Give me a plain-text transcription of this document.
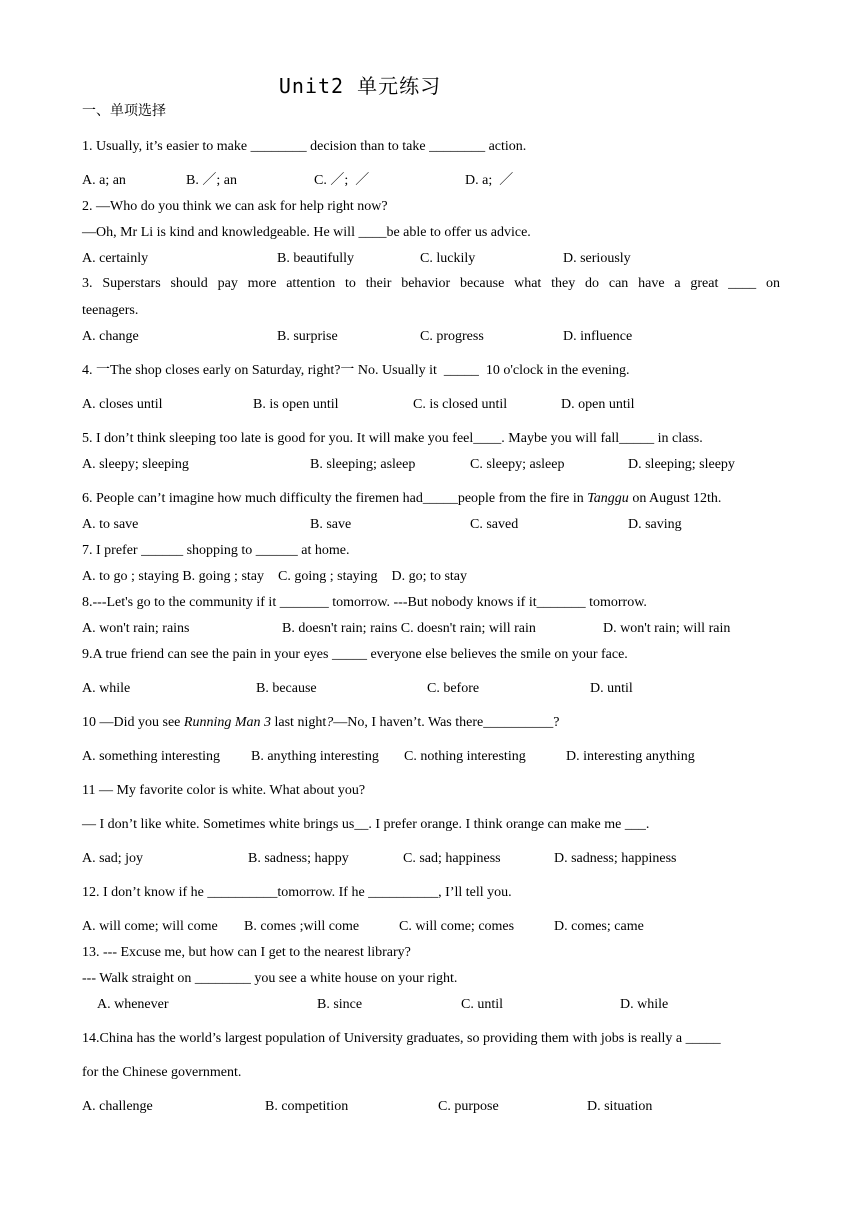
Unit2 单元练习
一、单项选择
1. Usually, it’s easier to make ________ decision than to take ________ action.
A. a; an	B. ／; an	C. ／;  ／	D. a;  ／
2. —Who do you think we can ask for help right now?
—Oh, Mr Li is kind and knowledgeable. He will ____be able to offer us advice.
A. certainly	B. beautifully	C. luckily	D. seriously
3. Superstars should pay more attention to their behavior because what they do can have a great ____ on
teenagers.
A. change	B. surprise	C. progress	D. influence
4. 一The shop closes early on Saturday, right?一 No. Usually it  _____  10 o'clock in the evening.
A. closes until	B. is open until	C. is closed until	D. open until
5. I don’t think sleeping too late is good for you. It will make you feel____. Maybe you will fall_____ in class.
A. sleepy; sleeping	B. sleeping; asleep	C. sleepy; asleep	D. sleeping; sleepy
6. People can’t imagine how much difficulty the firemen had_____people from the fire in Tanggu on August 12th.
A. to save	B. save	C. saved	D. saving
7. I prefer ______ shopping to ______ at home.
A. to go ; staying B. going ; stay    C. going ; staying    D. go; to stay
8.---Let's go to the community if it _______ tomorrow. ---But nobody knows if it_______ tomorrow.
A. won't rain; rains	B. doesn't rain; rains C. doesn't rain; will rain	D. won't rain; will rain
9.A true friend can see the pain in your eyes _____ everyone else believes the smile on your face.
A. while	B. because	C. before	D. until
10 —Did you see Running Man 3 last night?—No, I haven’t. Was there__________?
A. something interesting B. anything interesting C. nothing interesting	D. interesting anything
11 — My favorite color is white. What about you?
— I don’t like white. Sometimes white brings us__. I prefer orange. I think orange can make me ___.
A. sad; joy	B. sadness; happy	C. sad; happiness	D. sadness; happiness
12. I don’t know if he __________tomorrow. If he __________, I’ll tell you.
A. will come; will come B. comes ;will come	C. will come; comes	D. comes; came
13. --- Excuse me, but how can I get to the nearest library?
--- Walk straight on ________ you see a white house on your right.
A. whenever	B. since	C. until	D. while
14.China has the world’s largest population of University graduates, so providing them with jobs is really a _____
for the Chinese government.
A. challenge	B. competition	C. purpose	D. situation
